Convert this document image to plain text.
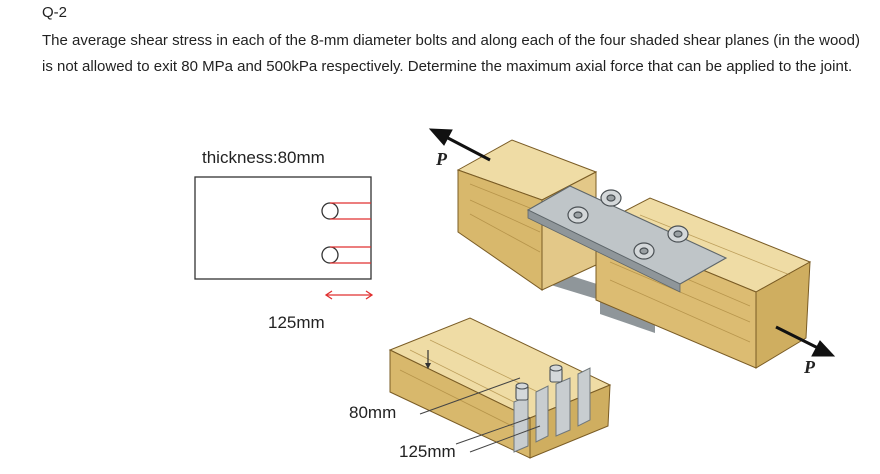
Q-2

The average shear stress in each of the 8-mm diameter bolts and along each of the four shaded shear planes (in the wood) is not allowed to exit 80 MPa and 500kPa respectively. Determine the maximum axial force that can be applied to the joint.

thickness:80mm
125mm
P
P
80mm
125mm
